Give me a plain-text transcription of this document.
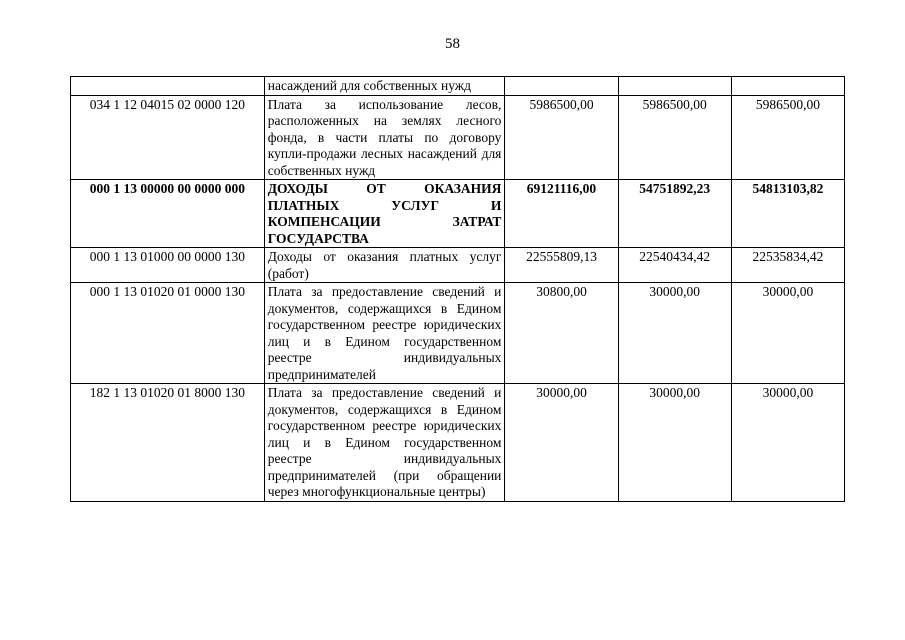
58
	насаждений для собственных нужд			
034 1 12 04015 02 0000 120	Плата за использование лесов, расположенных на землях лесного фонда, в части платы по договору купли-продажи лесных насаждений для собственных нужд	5986500,00	5986500,00	5986500,00
000 1 13 00000 00 0000 000	ДОХОДЫ ОТ ОКАЗАНИЯ ПЛАТНЫХ УСЛУГ И КОМПЕНСАЦИИ ЗАТРАТ ГОСУДАРСТВА	69121116,00	54751892,23	54813103,82
000 1 13 01000 00 0000 130	Доходы от оказания платных услуг (работ)	22555809,13	22540434,42	22535834,42
000 1 13 01020 01 0000 130	Плата за предоставление сведений и документов, содержащихся в Едином государственном реестре юридических лиц и в Едином государственном реестре индивидуальных предпринимателей	30800,00	30000,00	30000,00
182 1 13 01020 01 8000 130	Плата за предоставление сведений и документов, содержащихся в Едином государственном реестре юридических лиц и в Едином государственном реестре индивидуальных предпринимателей (при обращении через многофункциональные центры)	30000,00	30000,00	30000,00
